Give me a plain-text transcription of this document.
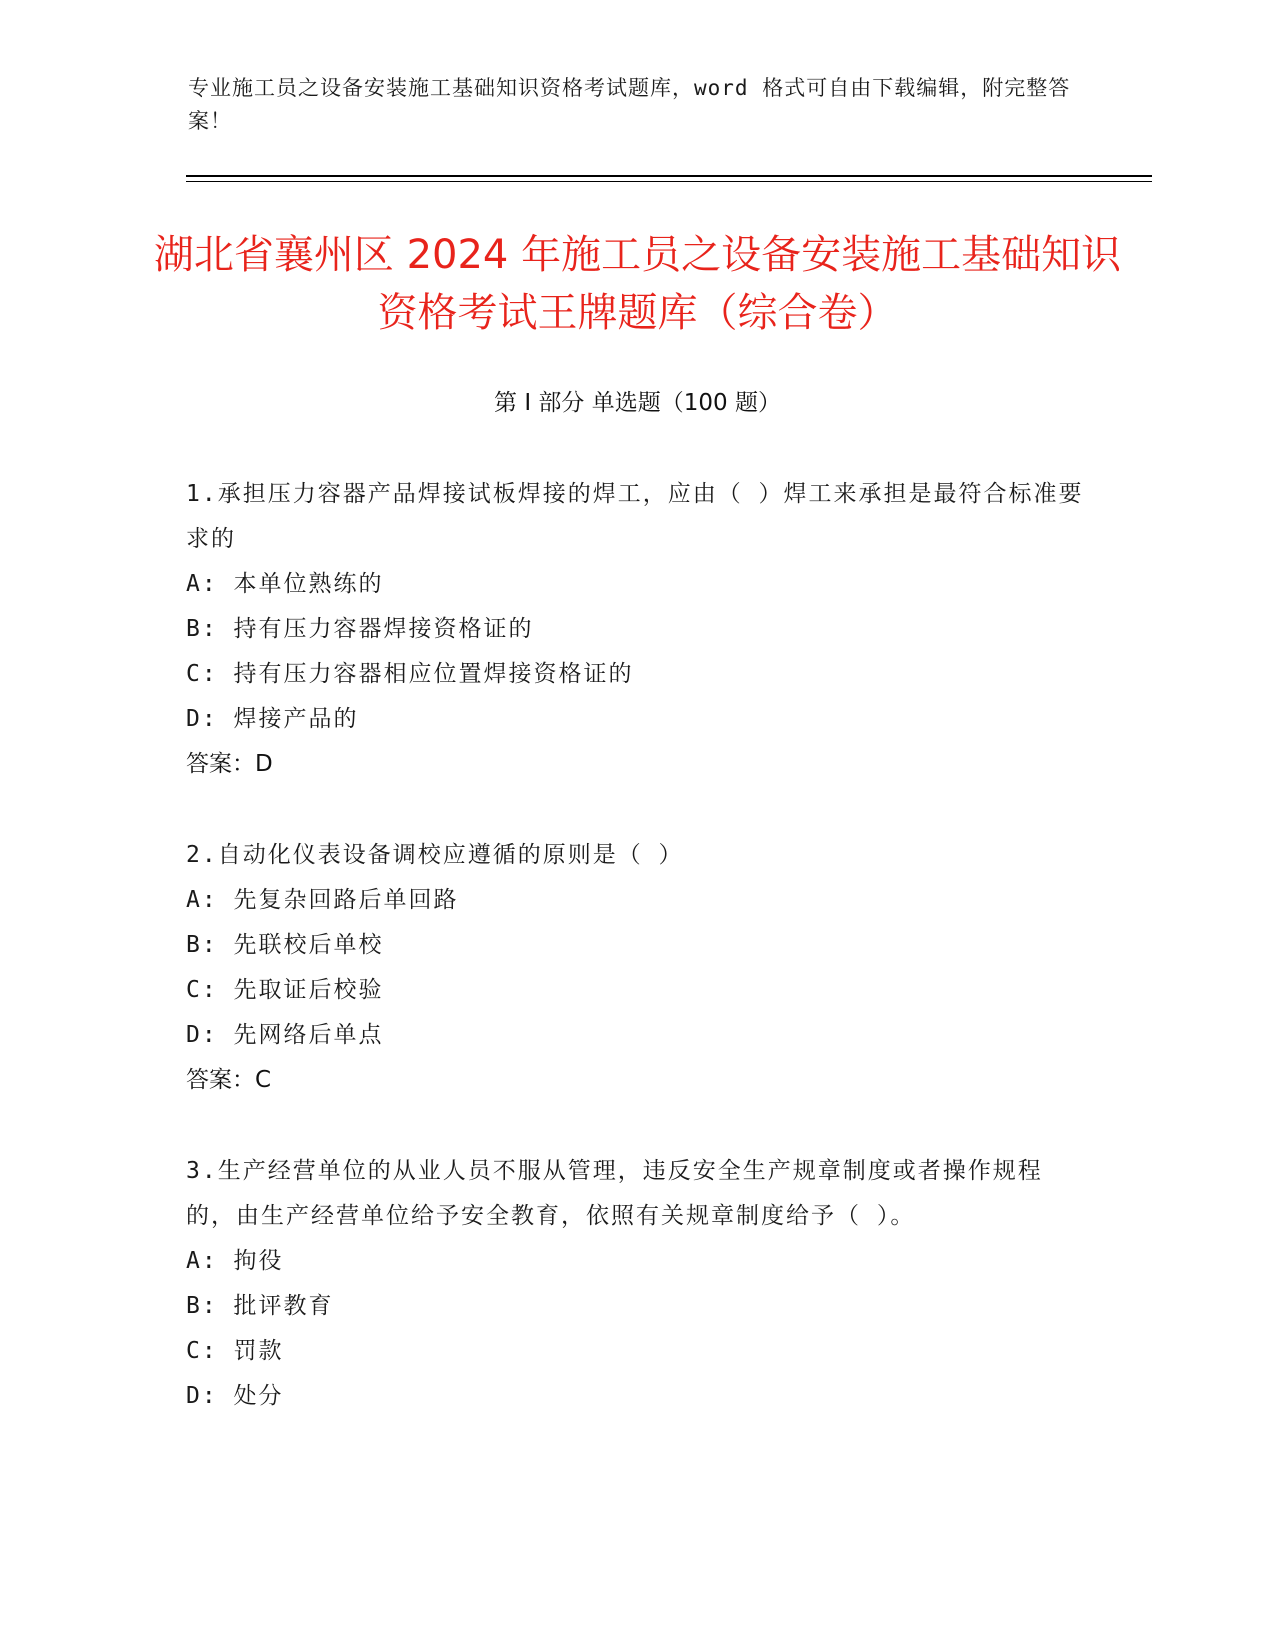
专业施工员之设备安装施工基础知识资格考试题库，word 格式可自由下载编辑，附完整答案！
湖北省襄州区 2024 年施工员之设备安装施工基础知识资格考试王牌题库（综合卷）
第 I 部分 单选题（100 题）

1.承担压力容器产品焊接试板焊接的焊工，应由（ ）焊工来承担是最符合标准要求的

A: 本单位熟练的

B: 持有压力容器焊接资格证的

C: 持有压力容器相应位置焊接资格证的

D: 焊接产品的

答案：D

2.自动化仪表设备调校应遵循的原则是（ ）

A: 先复杂回路后单回路

B: 先联校后单校

C: 先取证后校验

D: 先网络后单点

答案：C

3.生产经营单位的从业人员不服从管理，违反安全生产规章制度或者操作规程的，由生产经营单位给予安全教育，依照有关规章制度给予（ ）。

A: 拘役

B: 批评教育

C: 罚款

D: 处分
